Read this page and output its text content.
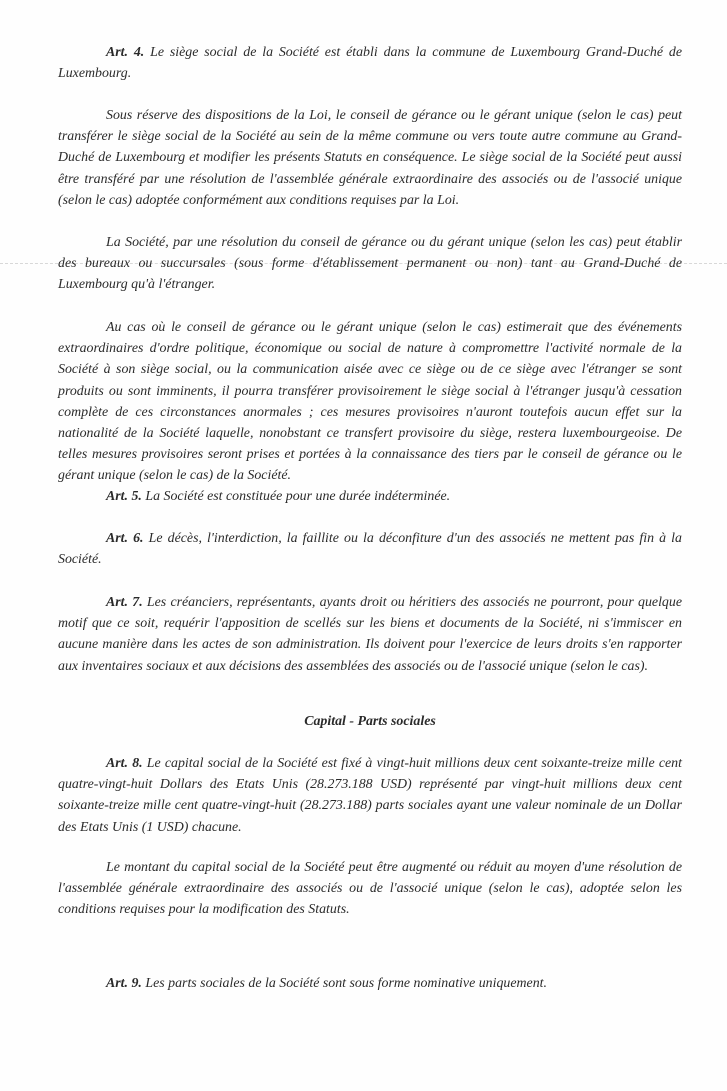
Art. 4. Le siège social de la Société est établi dans la commune de Luxembourg Grand-Duché de Luxembourg.

Sous réserve des dispositions de la Loi, le conseil de gérance ou le gérant unique (selon le cas) peut transférer le siège social de la Société au sein de la même commune ou vers toute autre commune au Grand-Duché de Luxembourg et modifier les présents Statuts en conséquence. Le siège social de la Société peut aussi être transféré par une résolution de l'assemblée générale extraordinaire des associés ou de l'associé unique (selon le cas) adoptée conformément aux conditions requises par la Loi.

La Société, par une résolution du conseil de gérance ou du gérant unique (selon les cas) peut établir des bureaux ou succursales (sous forme d'établissement permanent ou non) tant au Grand-Duché de Luxembourg qu'à l'étranger.

Au cas où le conseil de gérance ou le gérant unique (selon le cas) estimerait que des événements extraordinaires d'ordre politique, économique ou social de nature à compromettre l'activité normale de la Société à son siège social, ou la communication aisée avec ce siège ou de ce siège avec l'étranger se sont produits ou sont imminents, il pourra transférer provisoirement le siège social à l'étranger jusqu'à cessation complète de ces circonstances anormales ; ces mesures provisoires n'auront toutefois aucun effet sur la nationalité de la Société laquelle, nonobstant ce transfert provisoire du siège, restera luxembourgeoise. De telles mesures provisoires seront prises et portées à la connaissance des tiers par le conseil de gérance ou le gérant unique (selon le cas) de la Société.

Art. 5. La Société est constituée pour une durée indéterminée.

Art. 6. Le décès, l'interdiction, la faillite ou la déconfiture d'un des associés ne mettent pas fin à la Société.

Art. 7. Les créanciers, représentants, ayants droit ou héritiers des associés ne pourront, pour quelque motif que ce soit, requérir l'apposition de scellés sur les biens et documents de la Société, ni s'immiscer en aucune manière dans les actes de son administration. Ils doivent pour l'exercice de leurs droits s'en rapporter aux inventaires sociaux et aux décisions des assemblées des associés ou de l'associé unique (selon le cas).

Capital - Parts sociales

Art. 8. Le capital social de la Société est fixé à vingt-huit millions deux cent soixante-treize mille cent quatre-vingt-huit Dollars des Etats Unis (28.273.188 USD) représenté par vingt-huit millions deux cent soixante-treize mille cent quatre-vingt-huit (28.273.188) parts sociales ayant une valeur nominale de un Dollar des Etats Unis (1 USD) chacune.

Le montant du capital social de la Société peut être augmenté ou réduit au moyen d'une résolution de l'assemblée générale extraordinaire des associés ou de l'associé unique (selon le cas), adoptée selon les conditions requises pour la modification des Statuts.

Art. 9. Les parts sociales de la Société sont sous forme nominative uniquement.
